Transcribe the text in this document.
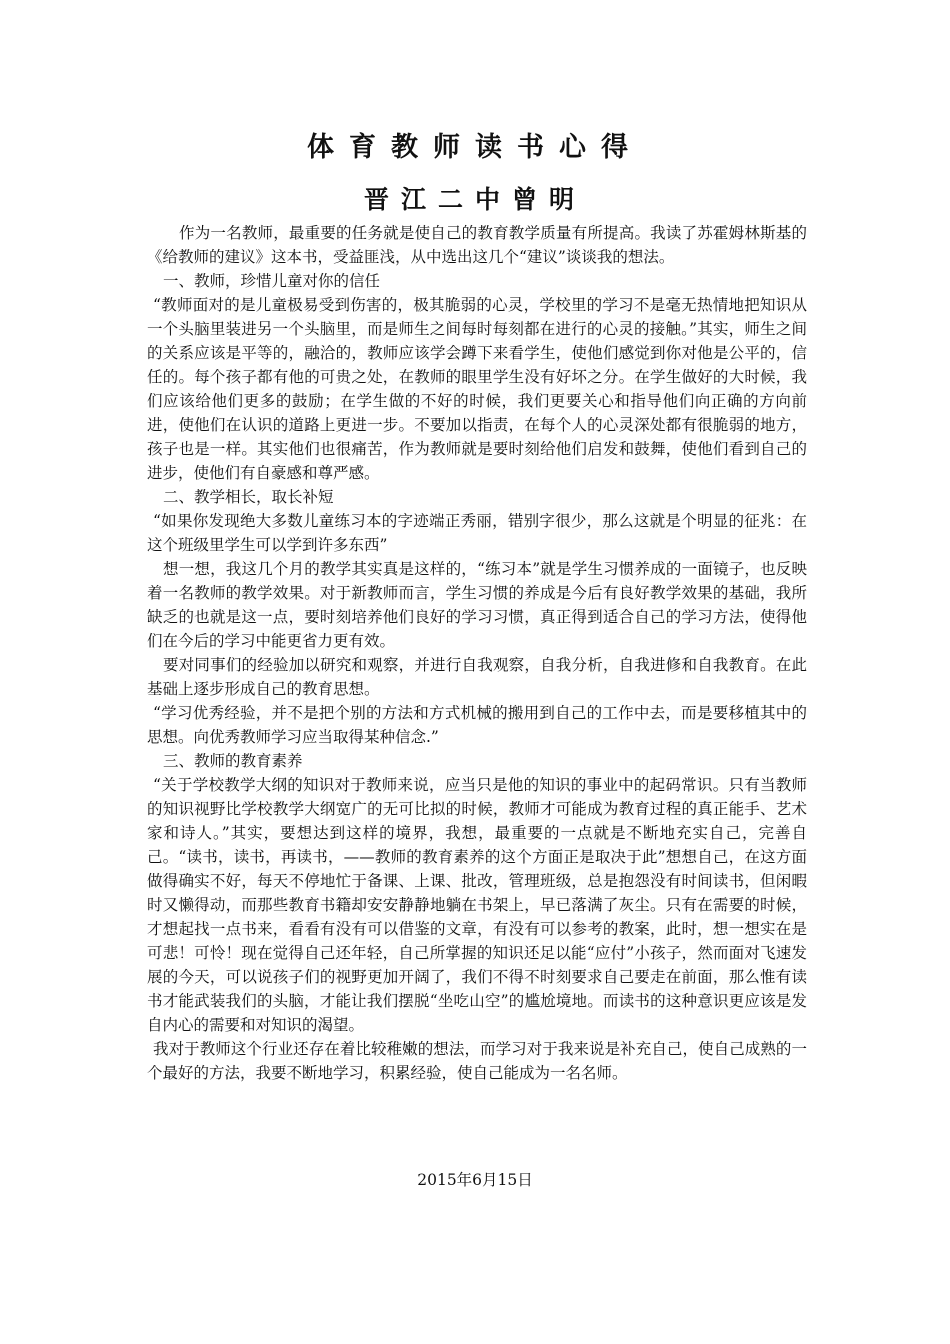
体育教师读书心得
晋江二中曾明

作为一名教师，最重要的任务就是使自己的教育教学质量有所提高。我读了苏霍姆林斯基的《给教师的建议》这本书，受益匪浅，从中选出这几个“建议”谈谈我的想法。

一、教师，珍惜儿童对你的信任

“教师面对的是儿童极易受到伤害的，极其脆弱的心灵，学校里的学习不是毫无热情地把知识从一个头脑里装进另一个头脑里，而是师生之间每时每刻都在进行的心灵的接触。”其实，师生之间的关系应该是平等的，融洽的，教师应该学会蹲下来看学生，使他们感觉到你对他是公平的，信任的。每个孩子都有他的可贵之处，在教师的眼里学生没有好坏之分。在学生做好的大时候，我们应该给他们更多的鼓励；在学生做的不好的时候，我们更要关心和指导他们向正确的方向前进，使他们在认识的道路上更进一步。不要加以指责，在每个人的心灵深处都有很脆弱的地方，孩子也是一样。其实他们也很痛苦，作为教师就是要时刻给他们启发和鼓舞，使他们看到自己的进步，使他们有自豪感和尊严感。

二、教学相长，取长补短

“如果你发现绝大多数儿童练习本的字迹端正秀丽，错别字很少，那么这就是个明显的征兆：在这个班级里学生可以学到许多东西”

想一想，我这几个月的教学其实真是这样的，“练习本”就是学生习惯养成的一面镜子，也反映着一名教师的教学效果。对于新教师而言，学生习惯的养成是今后有良好教学效果的基础，我所缺乏的也就是这一点，要时刻培养他们良好的学习习惯，真正得到适合自己的学习方法，使得他们在今后的学习中能更省力更有效。

要对同事们的经验加以研究和观察，并进行自我观察，自我分析，自我进修和自我教育。在此基础上逐步形成自己的教育思想。

“学习优秀经验，并不是把个别的方法和方式机械的搬用到自己的工作中去，而是要移植其中的思想。向优秀教师学习应当取得某种信念.”

三、教师的教育素养

“关于学校教学大纲的知识对于教师来说，应当只是他的知识的事业中的起码常识。只有当教师的知识视野比学校教学大纲宽广的无可比拟的时候，教师才可能成为教育过程的真正能手、艺术家和诗人。”其实，要想达到这样的境界，我想，最重要的一点就是不断地充实自己，完善自己。“读书，读书，再读书，——教师的教育素养的这个方面正是取决于此”想想自己，在这方面做得确实不好，每天不停地忙于备课、上课、批改，管理班级，总是抱怨没有时间读书，但闲暇时又懒得动，而那些教育书籍却安安静静地躺在书架上，早已落满了灰尘。只有在需要的时候，才想起找一点书来，看看有没有可以借鉴的文章，有没有可以参考的教案，此时，想一想实在是可悲！可怜！现在觉得自己还年轻，自己所掌握的知识还足以能“应付”小孩子，然而面对飞速发展的今天，可以说孩子们的视野更加开阔了，我们不得不时刻要求自己要走在前面，那么惟有读书才能武装我们的头脑，才能让我们摆脱“坐吃山空”的尴尬境地。而读书的这种意识更应该是发自内心的需要和对知识的渴望。

我对于教师这个行业还存在着比较稚嫩的想法，而学习对于我来说是补充自己，使自己成熟的一个最好的方法，我要不断地学习，积累经验，使自己能成为一名名师。

2015年6月15日
